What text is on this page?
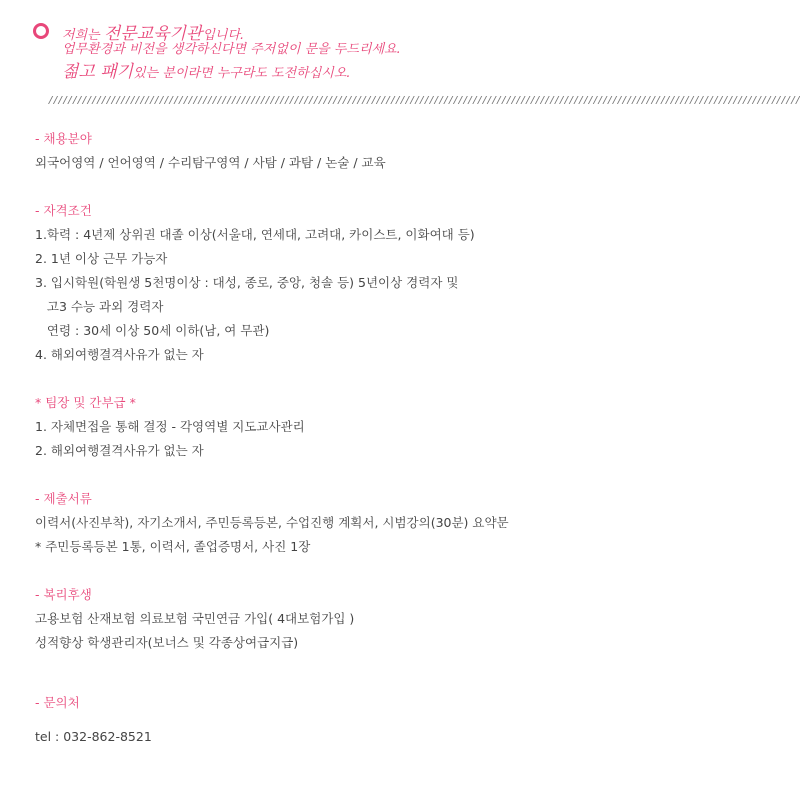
저희는 전문교육기관입니다.
업무환경과 비전을 생각하신다면 주저없이 문을 두드리세요.
젊고 패기있는 분이라면 누구라도 도전하십시오.
////////////////////////////////////////////////////////////////////////////////////////////////////////////////////////////////////////////////////////////
- 채용분야
외국어영역 / 언어영역 / 수리탐구영역 / 사탐 / 과탐 / 논술 / 교육
- 자격조건
1.학력 : 4년제 상위권 대졸 이상(서울대, 연세대, 고려대, 카이스트, 이화여대 등)
2. 1년 이상 근무 가능자
3. 입시학원(학원생 5천명이상 : 대성, 종로, 중앙, 청솔 등) 5년이상 경력자 및
고3 수능 과외 경력자
연령 : 30세 이상 50세 이하(남, 여 무관)
4. 해외여행결격사유가 없는 자
* 팀장 및 간부급 *
1. 자체면접을 통해 결정 - 각영역별 지도교사관리
2. 해외여행결격사유가 없는 자
- 제출서류
이력서(사진부착), 자기소개서, 주민등록등본, 수업진행 계획서, 시범강의(30분) 요약문
* 주민등록등본 1통, 이력서, 졸업증명서, 사진 1장
- 복리후생
고용보험 산재보험 의료보험 국민연금 가입( 4대보험가입 )
성적향상 학생관리자(보너스 및 각종상여급지급)
- 문의처
tel : 032-862-8521
